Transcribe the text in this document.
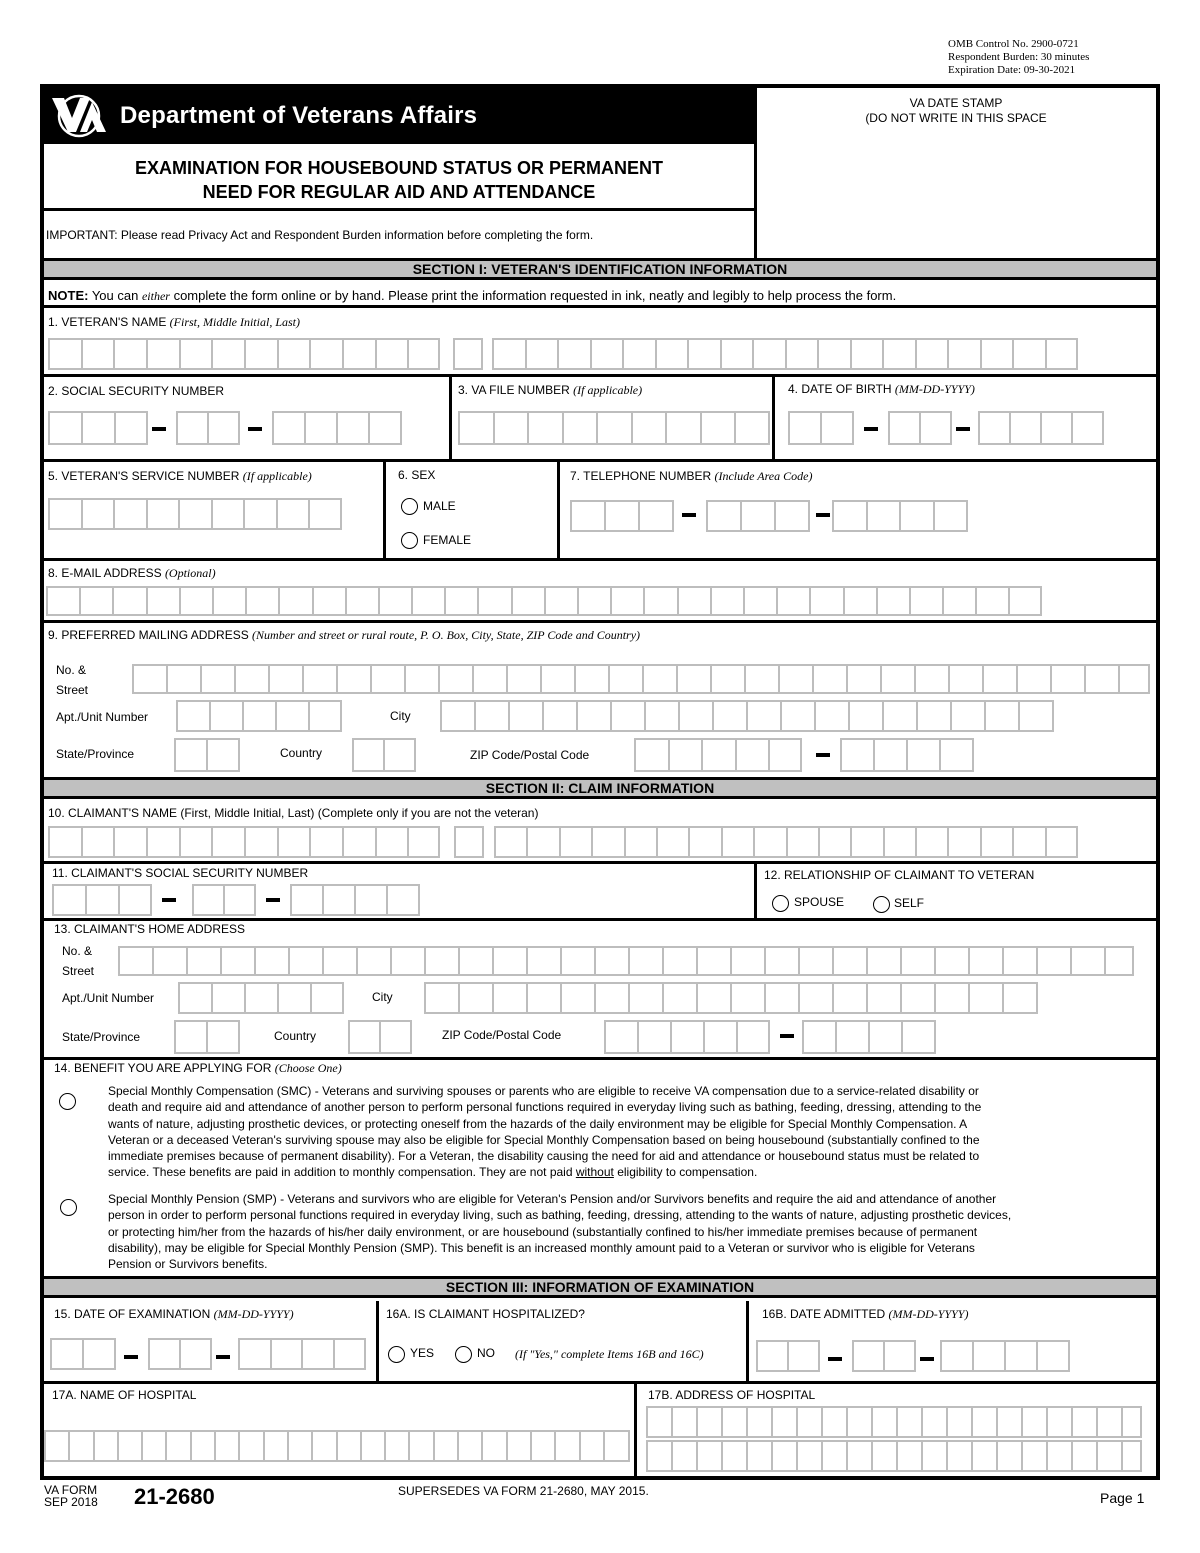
OMB Control No. 2900-0721
Respondent Burden: 30 minutes
Expiration Date: 09-30-2021
Department of Veterans Affairs
EXAMINATION FOR HOUSEBOUND STATUS OR PERMANENT
NEED FOR REGULAR AID AND ATTENDANCE
IMPORTANT: Please read Privacy Act and Respondent Burden information before completing the form.
VA DATE STAMP
(DO NOT WRITE IN THIS SPACE
SECTION I: VETERAN'S IDENTIFICATION INFORMATION
NOTE: You can either complete the form online or by hand. Please print the information requested in ink, neatly and legibly to help process the form.
1. VETERAN'S NAME (First, Middle Initial, Last)
2. SOCIAL SECURITY NUMBER	3. VA FILE NUMBER (If applicable)	4. DATE OF BIRTH (MM-DD-YYYY)
5. VETERAN'S SERVICE NUMBER (If applicable)	6. SEX
MALE
FEMALE
7. TELEPHONE NUMBER (Include Area Code)
8. E-MAIL ADDRESS (Optional)
9. PREFERRED MAILING ADDRESS (Number and street or rural route, P. O. Box, City, State, ZIP Code and Country)
No. &
Street
Apt./Unit Number	City
State/Province	Country	ZIP Code/Postal Code
SECTION II: CLAIM INFORMATION
10. CLAIMANT'S NAME (First, Middle Initial, Last) (Complete only if you are not the veteran)
11. CLAIMANT'S SOCIAL SECURITY NUMBER	12. RELATIONSHIP OF CLAIMANT TO VETERAN
SPOUSE	SELF
13. CLAIMANT'S HOME ADDRESS
No. &
Street
Apt./Unit Number	City
State/Province	Country	ZIP Code/Postal Code
14. BENEFIT YOU ARE APPLYING FOR (Choose One)
Special Monthly Compensation (SMC) - Veterans and surviving spouses or parents who are eligible to receive VA compensation due to a service-related disability or
death and require aid and attendance of another person to perform personal functions required in everyday living such as bathing, feeding, dressing, attending to the
wants of nature, adjusting prosthetic devices, or protecting oneself from the hazards of the daily environment may be eligible for Special Monthly Compensation. A
Veteran or a deceased Veteran's surviving spouse may also be eligible for Special Monthly Compensation based on being housebound (substantially confined to the
immediate premises because of permanent disability). For a Veteran, the disability causing the need for aid and attendance or housebound status must be related to
service. These benefits are paid in addition to monthly compensation. They are not paid without eligibility to compensation.
Special Monthly Pension (SMP) - Veterans and survivors who are eligible for Veteran's Pension and/or Survivors benefits and require the aid and attendance of another
person in order to perform personal functions required in everyday living, such as bathing, feeding, dressing, attending to the wants of nature, adjusting prosthetic devices,
or protecting him/her from the hazards of his/her daily environment, or are housebound (substantially confined to his/her immediate premises because of permanent
disability), may be eligible for Special Monthly Pension (SMP). This benefit is an increased monthly amount paid to a Veteran or survivor who is eligible for Veterans
Pension or Survivors benefits.
SECTION III: INFORMATION OF EXAMINATION
15. DATE OF EXAMINATION (MM-DD-YYYY)	16A. IS CLAIMANT HOSPITALIZED?
YES	NO (If "Yes," complete Items 16B and 16C)
16B. DATE ADMITTED (MM-DD-YYYY)
17A. NAME OF HOSPITAL	17B. ADDRESS OF HOSPITAL
VA FORM
SEP 2018 21-2680	SUPERSEDES VA FORM 21-2680, MAY 2015.	Page 1
